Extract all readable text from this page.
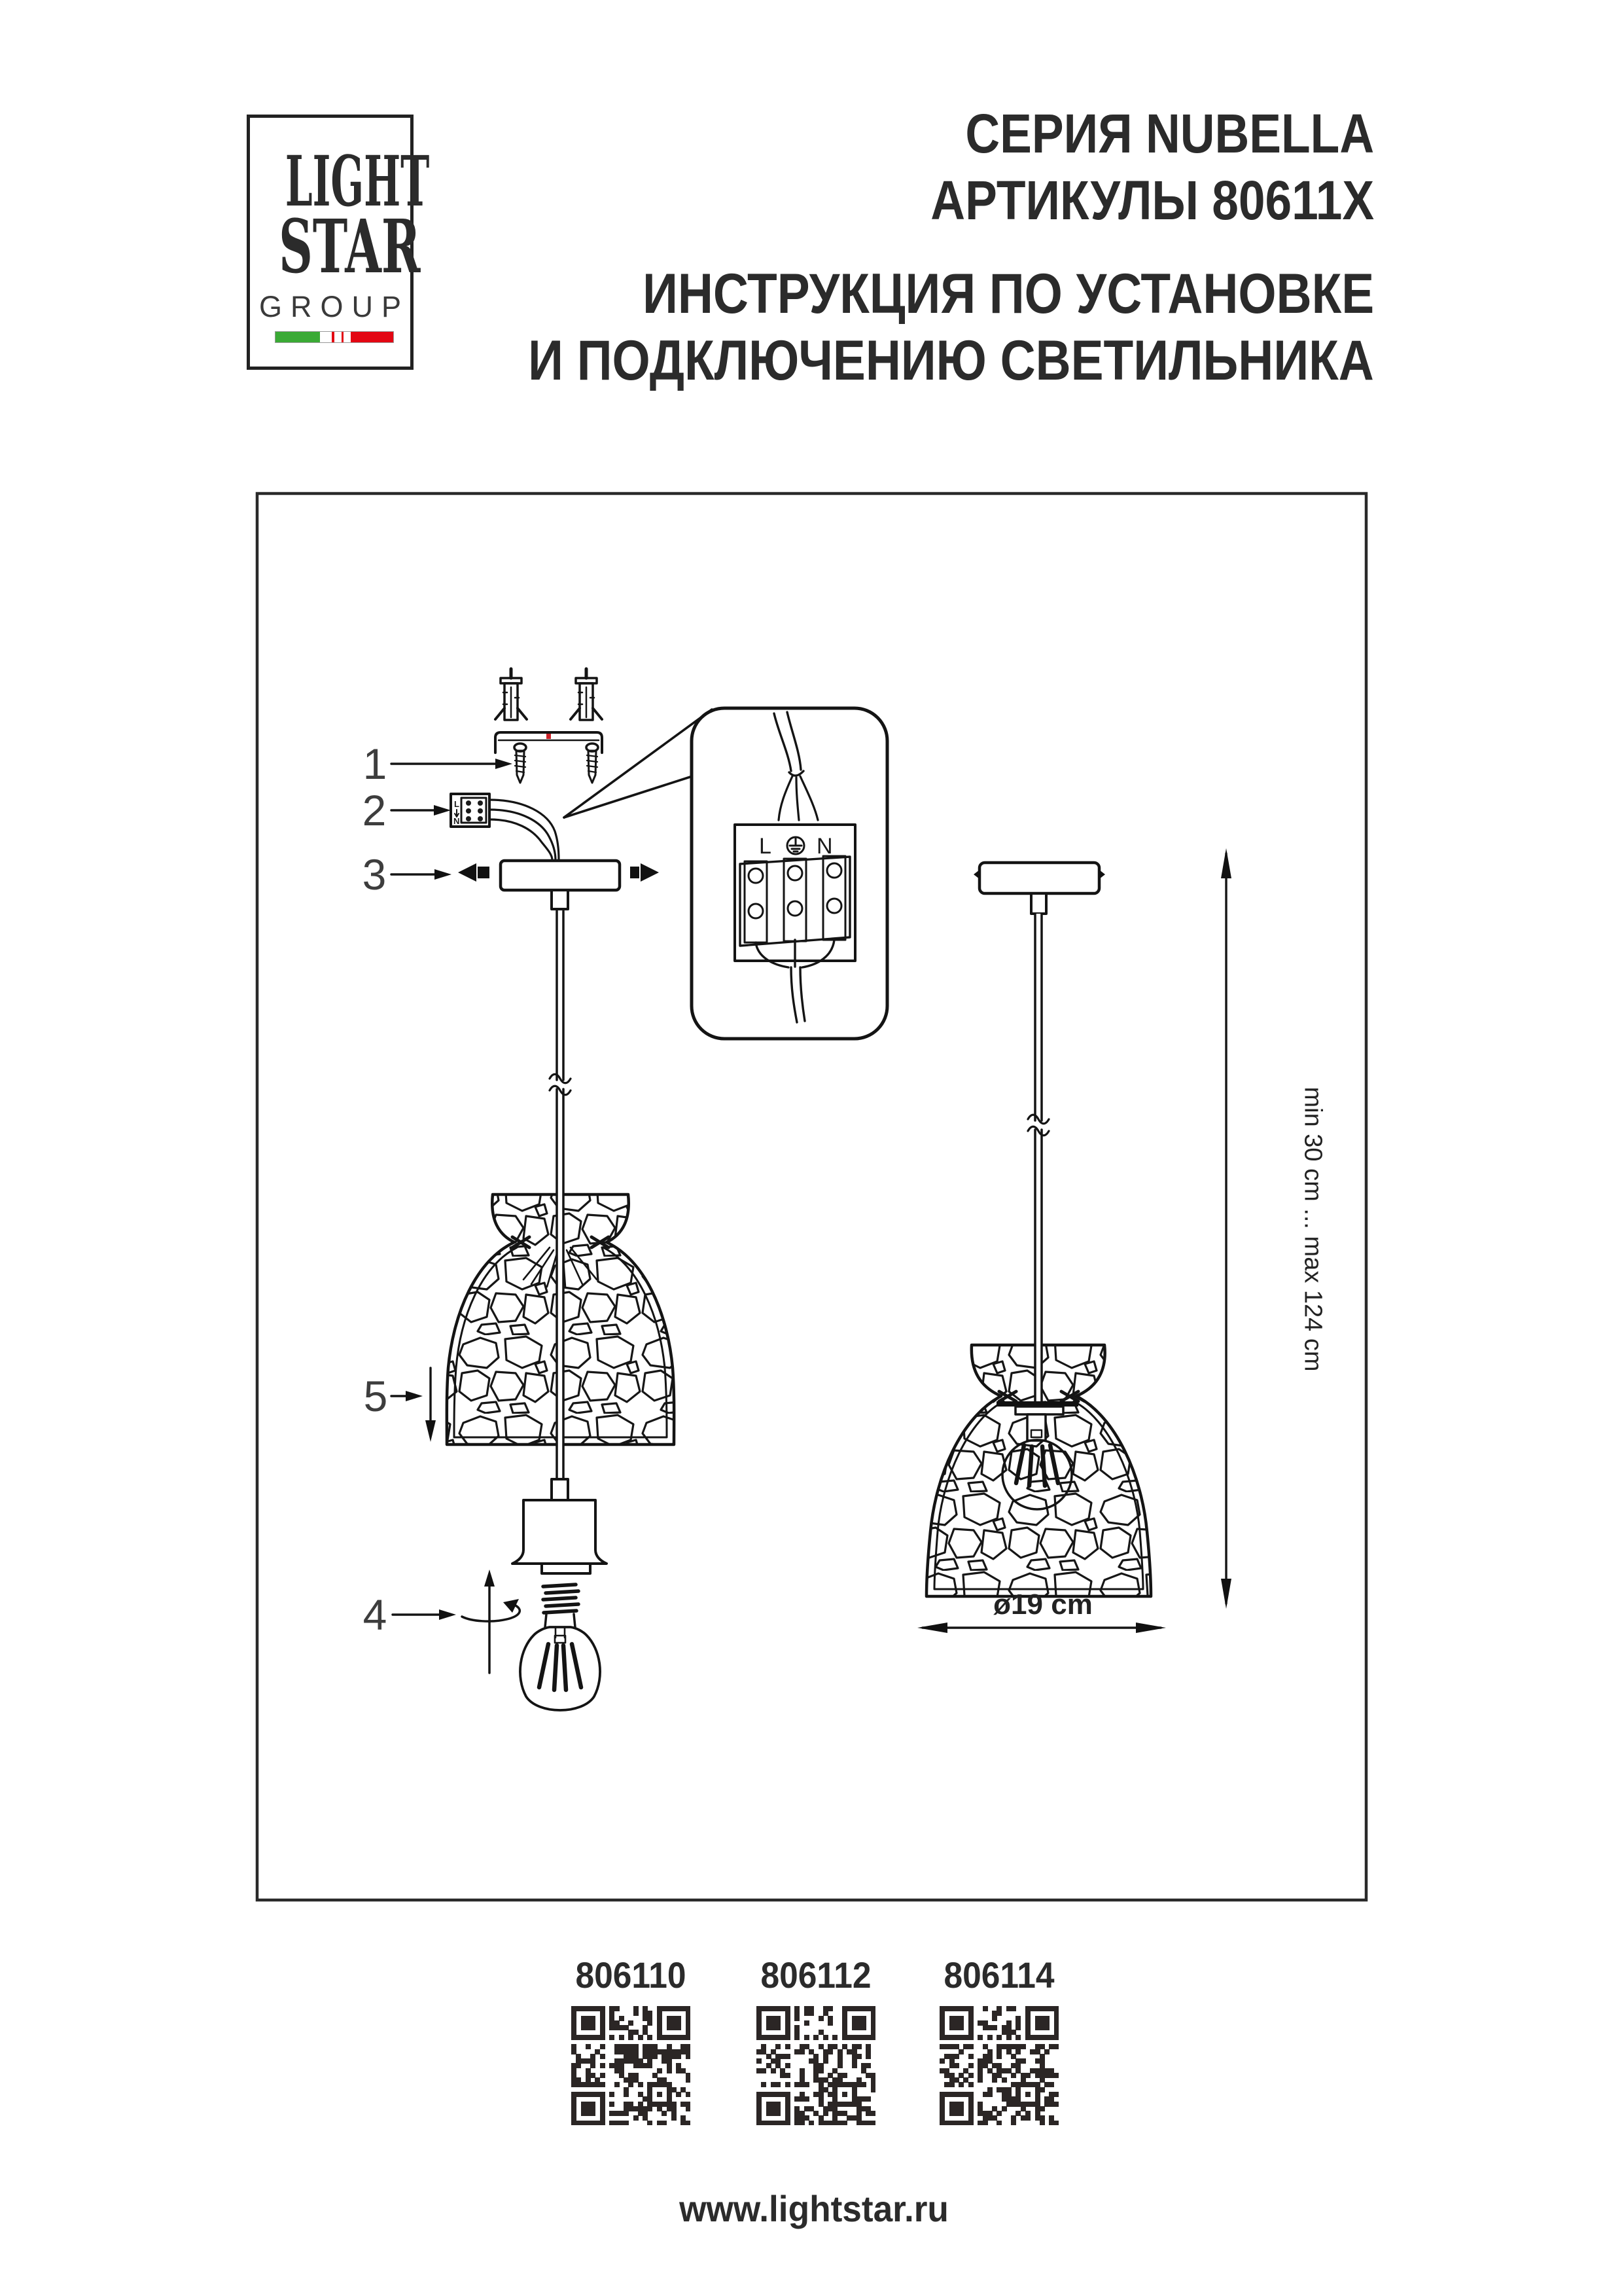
L
N
L N
LIGHT
STAR
GROUP
СЕРИЯ NUBELLA
АРТИКУЛЫ 80611X
ИНСТРУКЦИЯ ПО УСТАНОВКЕ
И ПОДКЛЮЧЕНИЮ СВЕТИЛЬНИКА
1
2
3
5
4
min 30 cm ... max 124 cm
ø19 cm
806110 806112 806114
www.lightstar.ru
